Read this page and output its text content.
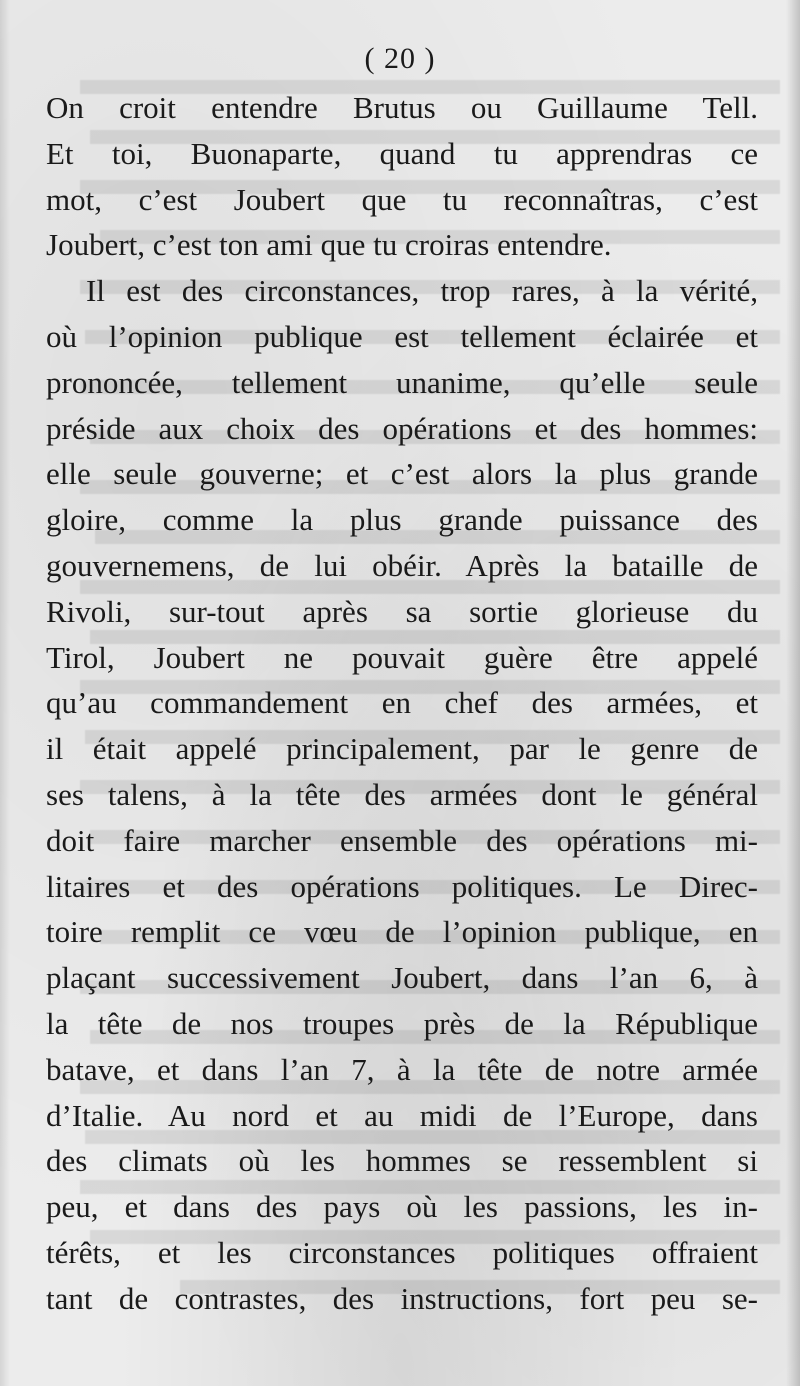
( 20 )
On croit entendre Brutus ou Guillaume Tell.
Et toi, Buonaparte, quand tu apprendras ce
mot, c’est Joubert que tu reconnaîtras, c’est
Joubert, c’est ton ami que tu croiras entendre.
Il est des circonstances, trop rares, à la vérité,
où l’opinion publique est tellement éclairée et
prononcée, tellement unanime, qu’elle seule
préside aux choix des opérations et des hommes:
elle seule gouverne; et c’est alors la plus grande
gloire, comme la plus grande puissance des
gouvernemens, de lui obéir. Après la bataille de
Rivoli, sur-tout après sa sortie glorieuse du
Tirol, Joubert ne pouvait guère être appelé
qu’au commandement en chef des armées, et
il était appelé principalement, par le genre de
ses talens, à la tête des armées dont le général
doit faire marcher ensemble des opérations mi-
litaires et des opérations politiques. Le Direc-
toire remplit ce vœu de l’opinion publique, en
plaçant successivement Joubert, dans l’an 6, à
la tête de nos troupes près de la République
batave, et dans l’an 7, à la tête de notre armée
d’Italie. Au nord et au midi de l’Europe, dans
des climats où les hommes se ressemblent si
peu, et dans des pays où les passions, les in-
térêts, et les circonstances politiques offraient
tant de contrastes, des instructions, fort peu se-
